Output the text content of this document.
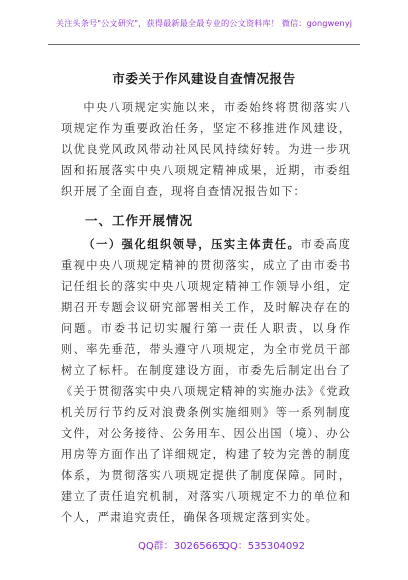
关注头条号"公文研究"，获得最新最全最专业的公文资料库！ 微信：gongwenyj
市委关于作风建设自查情况报告
中央八项规定实施以来，市委始终将贯彻落实八项规定作为重要政治任务，坚定不移推进作风建设，以优良党风政风带动社风民风持续好转。为进一步巩固和拓展落实中央八项规定精神成果，近期，市委组织开展了全面自查，现将自查情况报告如下：
一、工作开展情况
（一）强化组织领导，压实主体责任。市委高度重视中央八项规定精神的贯彻落实，成立了由市委书记任组长的落实中央八项规定精神工作领导小组，定期召开专题会议研究部署相关工作，及时解决存在的问题。市委书记切实履行第一责任人职责，以身作则、率先垂范，带头遵守八项规定，为全市党员干部树立了标杆。在制度建设方面，市委先后制定出台了《关于贯彻落实中央八项规定精神的实施办法》《党政机关厉行节约反对浪费条例实施细则》等一系列制度文件，对公务接待、公务用车、因公出国（境）、办公用房等方面作出了详细规定，构建了较为完善的制度体系，为贯彻落实八项规定提供了制度保障。同时，建立了责任追究机制，对落实八项规定不力的单位和个人，严肃追究责任，确保各项规定落到实处。
QQ群：30265665
QQ：535304092
